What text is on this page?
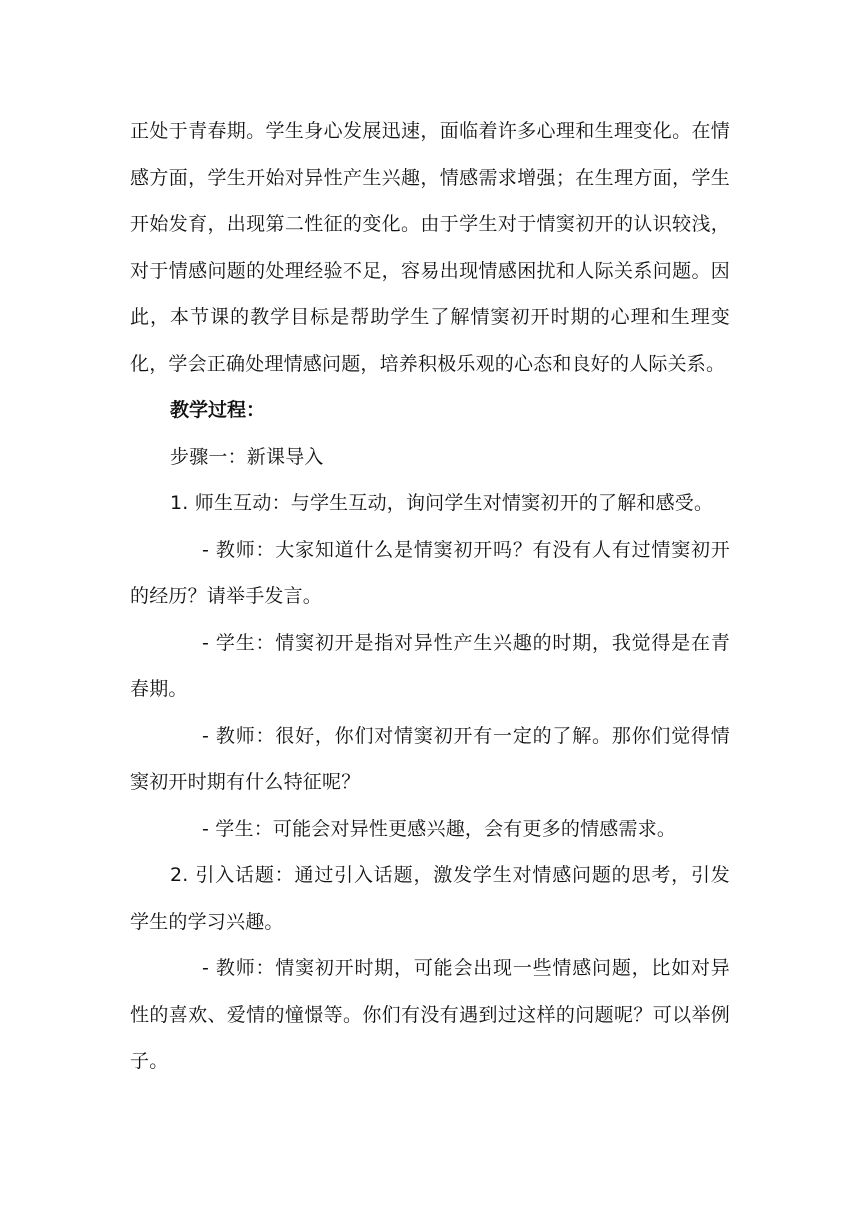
正处于青春期。学生身心发展迅速，面临着许多心理和生理变化。在情感方面，学生开始对异性产生兴趣，情感需求增强；在生理方面，学生开始发育，出现第二性征的变化。由于学生对于情窦初开的认识较浅，对于情感问题的处理经验不足，容易出现情感困扰和人际关系问题。因此，本节课的教学目标是帮助学生了解情窦初开时期的心理和生理变化，学会正确处理情感问题，培养积极乐观的心态和良好的人际关系。

教学过程：

步骤一：新课导入

1. 师生互动：与学生互动，询问学生对情窦初开的了解和感受。

- 教师：大家知道什么是情窦初开吗？有没有人有过情窦初开的经历？请举手发言。

- 学生：情窦初开是指对异性产生兴趣的时期，我觉得是在青春期。

- 教师：很好，你们对情窦初开有一定的了解。那你们觉得情窦初开时期有什么特征呢？

- 学生：可能会对异性更感兴趣，会有更多的情感需求。

2. 引入话题：通过引入话题，激发学生对情感问题的思考，引发学生的学习兴趣。

- 教师：情窦初开时期，可能会出现一些情感问题，比如对异性的喜欢、爱情的憧憬等。你们有没有遇到过这样的问题呢？可以举例子。
